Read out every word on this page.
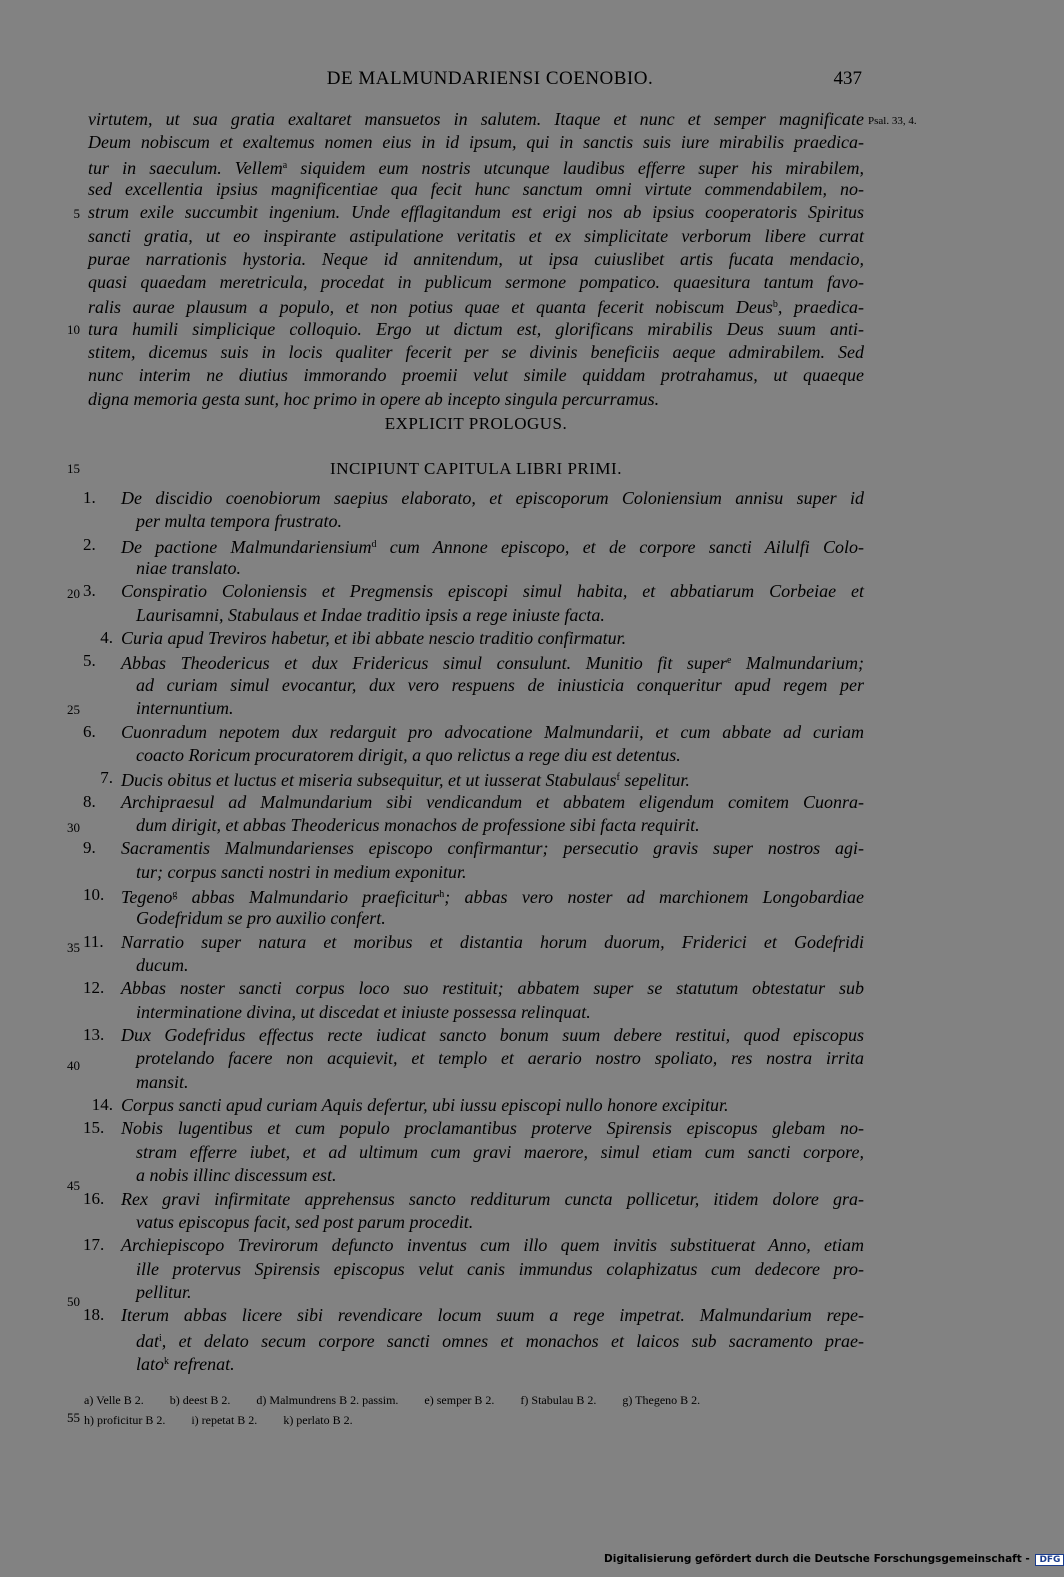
DE MALMUNDARIENSI COENOBIO.	437
Psal. 33, 4.
virtutem, ut sua gratia exaltaret mansuetos in salutem. Itaque et nunc et semper magnificate
Deum nobiscum et exaltemus nomen eius in id ipsum, qui in sanctis suis iure mirabilis praedica-
tur in saeculum. Vellem$^a$ siquidem eum nostris utcunque laudibus efferre super his mirabilem,
sed excellentia ipsius magnificentiae qua fecit hunc sanctum omni virtute commendabilem, no-
strum exile succumbit ingenium. Unde efflagitandum est erigi nos ab ipsius cooperatoris Spiritus
sancti gratia, ut eo inspirante astipulatione veritatis et ex simplicitate verborum libere currat
purae narrationis hystoria. Neque id annitendum, ut ipsa cuiuslibet artis fucata mendacio,
quasi quaedam meretricula, procedat in publicum sermone pompatico. quaesitura tantum favo-
ralis aurae plausum a populo, et non potius quae et quanta fecerit nobiscum Deus$^b$, praedica-
tura humili simplicique colloquio. Ergo ut dictum est, glorificans mirabilis Deus suum anti-
stitem, dicemus suis in locis qualiter fecerit per se divinis beneficiis aeque admirabilem. Sed
nunc interim ne diutius immorando proemii velut simile quiddam protrahamus, ut quaeque
digna memoria gesta sunt, hoc primo in opere ab incepto singula percurramus.
EXPLICIT PROLOGUS.
INCIPIUNT CAPITULA LIBRI PRIMI.
1.	De discidio coenobiorum saepius elaborato, et episcoporum Coloniensium annisu super id
per multa tempora frustrato.
2.	De pactione Malmundariensium$^d$ cum Annone episcopo, et de corpore sancti Ailulfi Colo-
niae translato.
3.	Conspiratio Coloniensis et Pregmensis episcopi simul habita, et abbatiarum Corbeiae et
Laurisamni, Stabulaus et Indae traditio ipsis a rege iniuste facta.
4. Curia apud Treviros habetur, et ibi abbate nescio traditio confirmatur.
5.	Abbas Theodericus et dux Fridericus simul consulunt. Munitio fit super$^e$ Malmundarium;
ad curiam simul evocantur, dux vero respuens de iniusticia conqueritur apud regem per
internuntium.
6.	Cuonradum nepotem dux redarguit pro advocatione Malmundarii, et cum abbate ad curiam
coacto Roricum procuratorem dirigit, a quo relictus a rege diu est detentus.
7. Ducis obitus et luctus et miseria subsequitur, et ut iusserat Stabulaus$^f$ sepelitur.
8.	Archipraesul ad Malmundarium sibi vendicandum et abbatem eligendum comitem Cuonra-
dum dirigit, et abbas Theodericus monachos de professione sibi facta requirit.
9.	Sacramentis Malmundarienses episcopo confirmantur; persecutio gravis super nostros agi-
tur; corpus sancti nostri in medium exponitur.
10. Tegeno$^g$ abbas Malmundario praeficitur$^h$; abbas vero noster ad marchionem Longobardiae
Godefridum se pro auxilio confert.
11. Narratio super natura et moribus et distantia horum duorum, Friderici et Godefridi
ducum.
12. Abbas noster sancti corpus loco suo restituit; abbatem super se statutum obtestatur sub
interminatione divina, ut discedat et iniuste possessa relinquat.
13. Dux Godefridus effectus recte iudicat sancto bonum suum debere restitui, quod episcopus
protelando facere non acquievit, et templo et aerario nostro spoliato, res nostra irrita
mansit.
14. Corpus sancti apud curiam Aquis defertur, ubi iussu episcopi nullo honore excipitur.
15. Nobis lugentibus et cum populo proclamantibus proterve Spirensis episcopus glebam no-
stram efferre iubet, et ad ultimum cum gravi maerore, simul etiam cum sancti corpore,
a nobis illinc discessum est.
16. Rex gravi infirmitate apprehensus sancto redditurum cuncta pollicetur, itidem dolore gra-
vatus episcopus facit, sed post parum procedit.
17. Archiepiscopo Trevirorum defuncto inventus cum illo quem invitis substituerat Anno, etiam
ille protervus Spirensis episcopus velut canis immundus colaphizatus cum dedecore pro-
pellitur.
18. Iterum abbas licere sibi revendicare locum suum a rege impetrat. Malmundarium repe-
dat$^i$, et delato secum corpore sancti omnes et monachos et laicos sub sacramento prae-
lato$^k$ refrenat.
5
10
15
20
25
30
35
40
45
50
55
a) Velle B 2. b) deest B 2. d) Malmundrens B 2. passim. e) semper B 2. f) Stabulau B 2. g) Thegeno B 2.
h) proficitur B 2. i) repetat B 2. k) perlato B 2.
Digitalisierung gefördert durch die Deutsche Forschungsgemeinschaft - DFG
